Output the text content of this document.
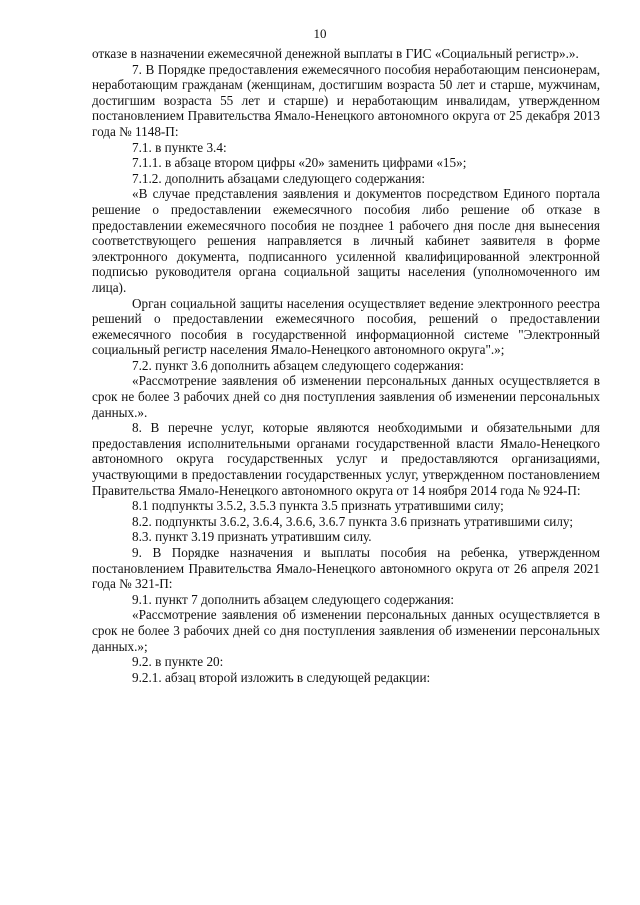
10

отказе в назначении ежемесячной денежной выплаты в ГИС «Социальный регистр».».

7. В Порядке предоставления ежемесячного пособия неработающим пенсионерам, неработающим гражданам (женщинам, достигшим возраста 50 лет и старше, мужчинам, достигшим возраста 55 лет и старше) и неработающим инвалидам, утвержденном постановлением Правительства Ямало-Ненецкого автономного округа от 25 декабря 2013 года № 1148-П:

7.1. в пункте 3.4:

7.1.1. в абзаце втором цифры «20» заменить цифрами «15»;

7.1.2. дополнить абзацами следующего содержания:

«В случае представления заявления и документов посредством Единого портала решение о предоставлении ежемесячного пособия либо решение об отказе в предоставлении ежемесячного пособия не позднее 1 рабочего дня после дня вынесения соответствующего решения направляется в личный кабинет заявителя в форме электронного документа, подписанного усиленной квалифицированной электронной подписью руководителя органа социальной защиты населения (уполномоченного им лица).

Орган социальной защиты населения осуществляет ведение электронного реестра решений о предоставлении ежемесячного пособия, решений о предоставлении ежемесячного пособия в государственной информационной системе "Электронный социальный регистр населения Ямало-Ненецкого автономного округа".»;

7.2. пункт 3.6 дополнить абзацем следующего содержания:

«Рассмотрение заявления об изменении персональных данных осуществляется в срок не более 3 рабочих дней со дня поступления заявления об изменении персональных данных.».

8. В перечне услуг, которые являются необходимыми и обязательными для предоставления исполнительными органами государственной власти Ямало-Ненецкого автономного округа государственных услуг и предоставляются организациями, участвующими в предоставлении государственных услуг, утвержденном постановлением Правительства Ямало-Ненецкого автономного округа от 14 ноября 2014 года № 924-П:

8.1 подпункты 3.5.2, 3.5.3 пункта 3.5 признать утратившими силу;

8.2. подпункты 3.6.2, 3.6.4, 3.6.6, 3.6.7 пункта 3.6 признать утратившими силу;

8.3. пункт 3.19 признать утратившим силу.

9. В Порядке назначения и выплаты пособия на ребенка, утвержденном постановлением Правительства Ямало-Ненецкого автономного округа от 26 апреля 2021 года № 321-П:

9.1. пункт 7 дополнить абзацем следующего содержания:

«Рассмотрение заявления об изменении персональных данных осуществляется в срок не более 3 рабочих дней со дня поступления заявления об изменении персональных данных.»;

9.2. в пункте 20:

9.2.1. абзац второй изложить в следующей редакции:
